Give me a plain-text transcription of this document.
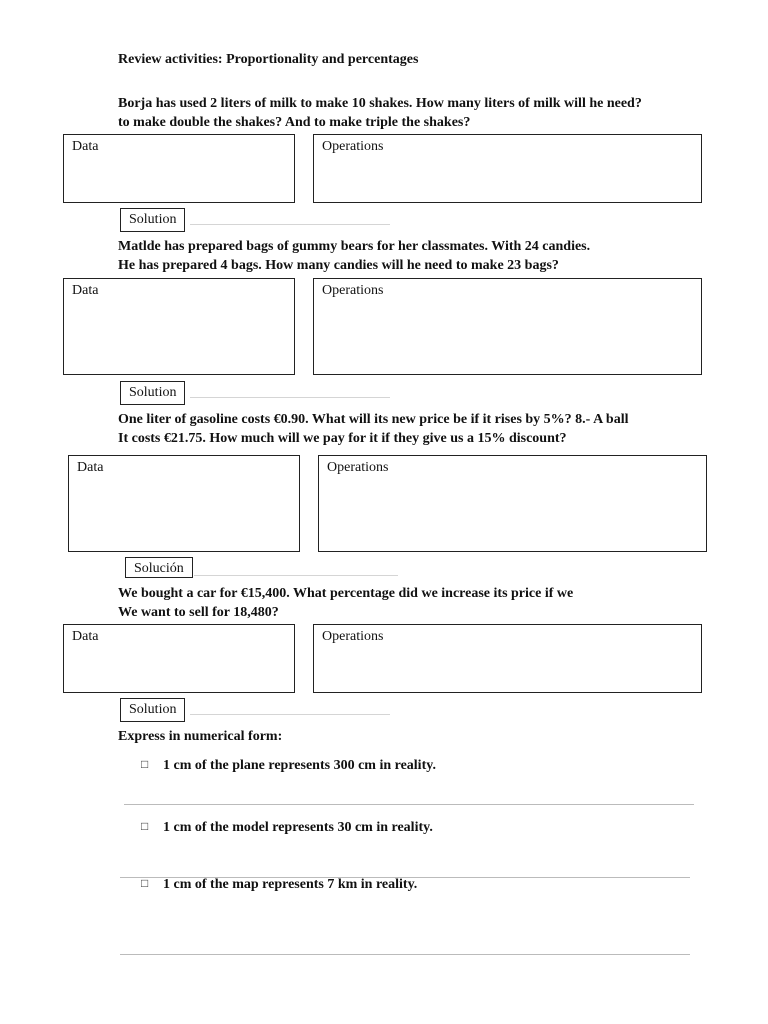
Review activities: Proportionality and percentages
Borja has used 2 liters of milk to make 10 shakes. How many liters of milk will he need?
to make double the shakes? And to make triple the shakes?
Data	Operations
Solution
Matlde has prepared bags of gummy bears for her classmates. With 24 candies.
He has prepared 4 bags. How many candies will he need to make 23 bags?
Data	Operations
Solution
One liter of gasoline costs €0.90. What will its new price be if it rises by 5%? 8.- A ball
It costs €21.75. How much will we pay for it if they give us a 15% discount?
Data	Operations
Solución
We bought a car for €15,400. What percentage did we increase its price if we
We want to sell for 18,480?
Data	Operations
Solution
Express in numerical form:
□ 1 cm of the plane represents 300 cm in reality.
□ 1 cm of the model represents 30 cm in reality.
□ 1 cm of the map represents 7 km in reality.
